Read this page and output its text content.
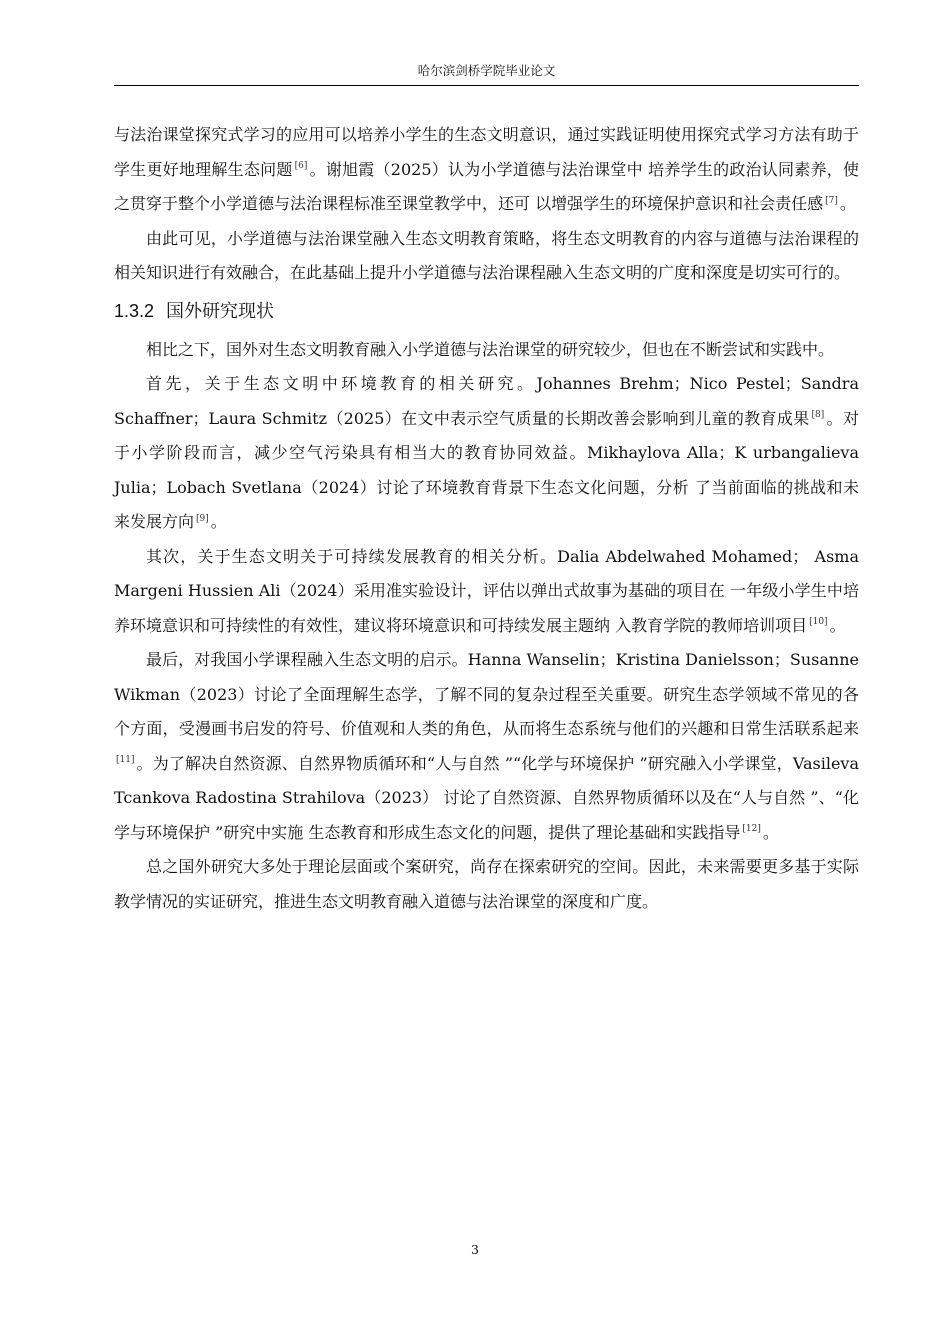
哈尔滨剑桥学院毕业论文

与法治课堂探究式学习的应用可以培养小学生的生态文明意识，通过实践证明使用探究式学习方法有助于学生更好地理解生态问题 [6] 。谢旭霞（2025）认为小学道德与法治课堂中 培养学生的政治认同素养，使之贯穿于整个小学道德与法治课程标准至课堂教学中，还可 以增强学生的环境保护意识和社会责任感 [7] 。

由此可见，小学道德与法治课堂融入生态文明教育策略，将生态文明教育的内容与道德与法治课程的相关知识进行有效融合，在此基础上提升小学道德与法治课程融入生态文明的广度和深度是切实可行的。

1.3.2 国外研究现状

相比之下，国外对生态文明教育融入小学道德与法治课堂的研究较少，但也在不断尝试和实践中。

首先，关于生态文明中环境教育的相关研究。Johannes Brehm；Nico Pestel；Sandra Schaffner；Laura Schmitz（2025）在文中表示空气质量的长期改善会影响到儿童的教育成果 [8] 。对于小学阶段而言，减少空气污染具有相当大的教育协同效益。Mikhaylova Alla；K urbangalieva Julia；Lobach Svetlana（2024）讨论了环境教育背景下生态文化问题，分析 了当前面临的挑战和未来发展方向 [9] 。

其次，关于生态文明关于可持续发展教育的相关分析。Dalia Abdelwahed Mohamed； Asma Margeni Hussien Ali（2024）采用准实验设计，评估以弹出式故事为基础的项目在 一年级小学生中培养环境意识和可持续性的有效性，建议将环境意识和可持续发展主题纳 入教育学院的教师培训项目 [10] 。

最后，对我国小学课程融入生态文明的启示。Hanna Wanselin；Kristina Danielsson；Susanne Wikman（2023）讨论了全面理解生态学，了解不同的复杂过程至关重要。研究生态学领域不常见的各个方面，受漫画书启发的符号、价值观和人类的角色，从而将生态系统与他们的兴趣和日常生活联系起来[11] 。为了解决自然资源、自然界物质循环和“人与自然 ”“化学与环境保护 ”研究融入小学课堂，Vasileva Tcankova Radostina Strahilova（2023） 讨论了自然资源、自然界物质循环以及在“人与自然 ”、“化学与环境保护 ”研究中实施 生态教育和形成生态文化的问题，提供了理论基础和实践指导 [12] 。

总之国外研究大多处于理论层面或个案研究，尚存在探索研究的空间。因此，未来需要更多基于实际教学情况的实证研究，推进生态文明教育融入道德与法治课堂的深度和广度。

3
